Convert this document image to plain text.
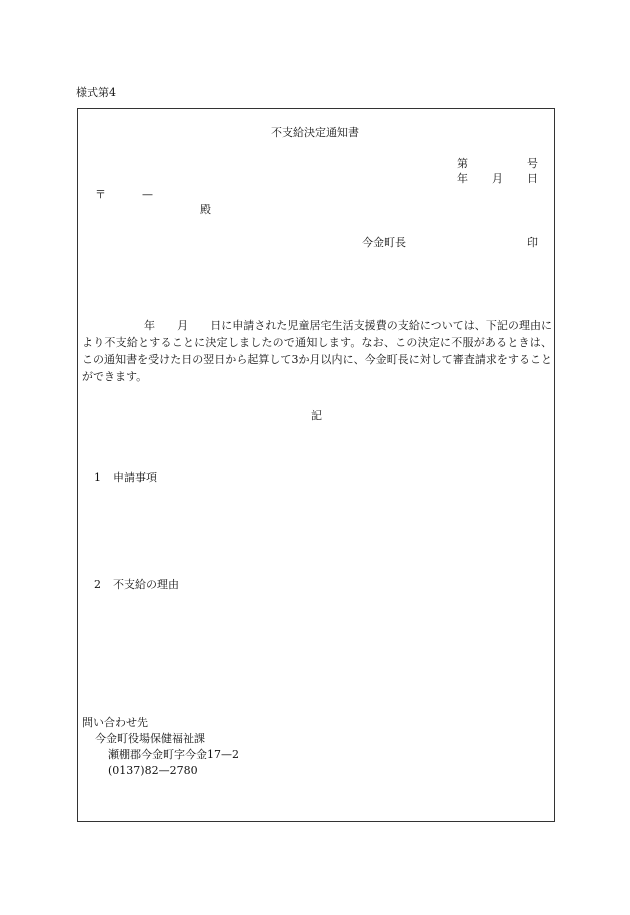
様式第4
不支給決定通知書
第	号
年 月 日
〒	—
殿
今金町長	印
年 月 日に申請された児童居宅生活支援費の支給については、下記の理由により不支給とすることに決定しましたので通知します。なお、この決定に不服があるときは、この通知書を受けた日の翌日から起算して3か月以内に、今金町長に対して審査請求をすることができます。
記
1 申請事項
2 不支給の理由
問い合わせ先
今金町役場保健福祉課
瀬棚郡今金町字今金17—2
(0137)82—2780
